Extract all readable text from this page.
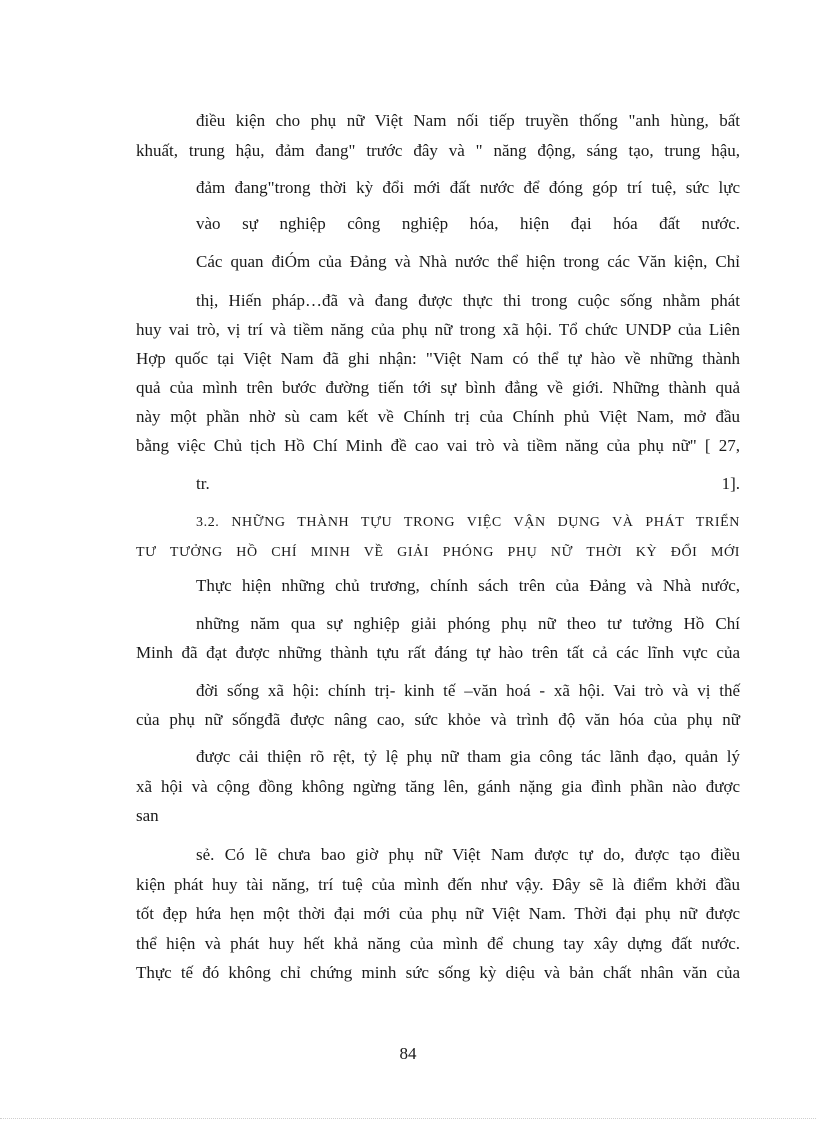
điều kiện cho phụ nữ Việt Nam nối tiếp truyền thống "anh hùng, bất

khuất, trung hậu, đảm đang" trước đây và " năng động, sáng tạo, trung hậu,

đảm đang"trong thời kỳ đổi mới đất nước để đóng góp trí tuệ, sức lực

vào sự nghiệp công nghiệp hóa, hiện đại hóa đất nước.

Các quan điÓm của Đảng và Nhà nước thể hiện trong các Văn kiện, Chỉ

thị, Hiến pháp…đã và đang được thực thi trong cuộc sống nhằm phát

huy vai trò, vị trí và tiềm năng của phụ nữ trong xã hội. Tổ chức UNDP của Liên

Hợp quốc tại Việt Nam đã ghi nhận: "Việt Nam có thể tự hào về những thành

quả của mình trên bước đường tiến tới sự bình đẳng về giới. Những thành quả

này một phần nhờ sù cam kết về Chính trị của Chính phủ Việt Nam, mở đầu

bằng việc Chủ tịch Hồ Chí Minh đề cao vai trò và tiềm năng của phụ nữ" [ 27,

tr. 1].

3.2. NHỮNG THÀNH TỰU TRONG VIỆC VẬN DỤNG VÀ PHÁT TRIỂN

TƯ TƯỞNG HỒ CHÍ MINH VỀ GIẢI PHÓNG PHỤ NỮ THỜI KỲ ĐỔI MỚI

Thực hiện những chủ trương, chính sách trên của Đảng và Nhà nước,

những năm qua sự nghiệp giải phóng phụ nữ theo tư tưởng Hồ Chí

Minh đã đạt được những thành tựu rất đáng tự hào trên tất cả các lĩnh vực của

đời sống xã hội: chính trị- kinh tế –văn hoá - xã hội. Vai trò và vị thế

của phụ nữ sốngđã được nâng cao, sức khỏe và trình độ văn hóa của phụ nữ

được cải thiện rõ rệt, tỷ lệ phụ nữ tham gia công tác lãnh đạo, quản lý

xã hội và cộng đồng không ngừng tăng lên, gánh nặng gia đình phần nào được

san

sẻ. Có lẽ chưa bao giờ phụ nữ Việt Nam được tự do, được tạo điều

kiện phát huy tài năng, trí tuệ của mình đến như vậy. Đây sẽ là điểm khởi đầu

tốt đẹp hứa hẹn một thời đại mới của phụ nữ Việt Nam. Thời đại phụ nữ được

thể hiện và phát huy hết khả năng của mình để chung tay xây dựng đất nước.

Thực tế đó không chỉ chứng minh sức sống kỳ diệu và bản chất nhân văn của

84
